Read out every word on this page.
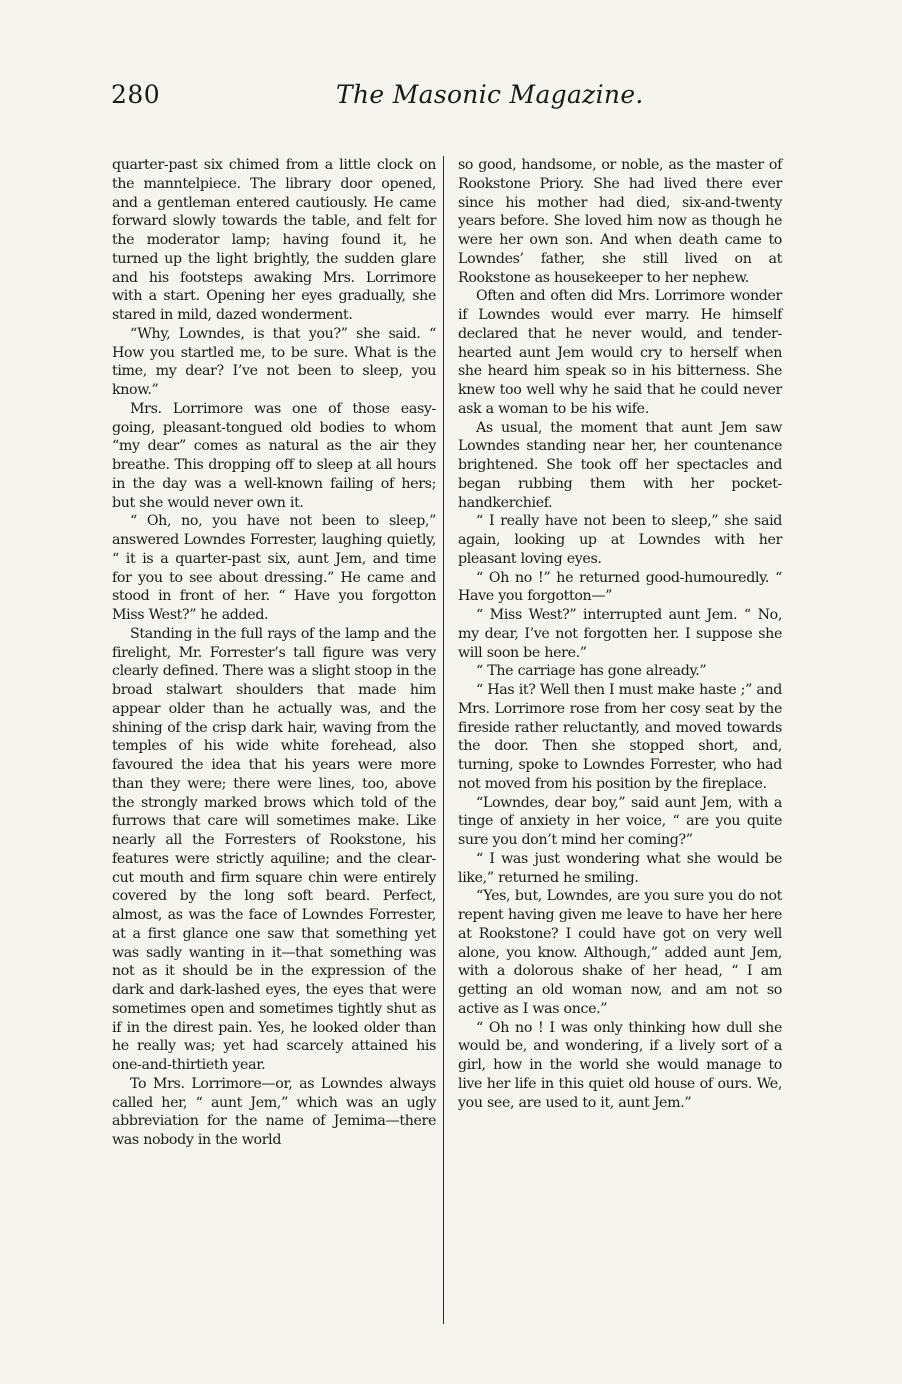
280	The Masonic Magazine.

quarter-past six chimed from a little clock on the manntelpiece. The library door opened, and a gentleman entered cautiously. He came forward slowly towards the table, and felt for the moderator lamp; having found it, he turned up the light brightly, the sudden glare and his footsteps awaking Mrs. Lorrimore with a start. Opening her eyes gradually, she stared in mild, dazed wonderment.

“Why, Lowndes, is that you?” she said. “ How you startled me, to be sure. What is the time, my dear? I’ve not been to sleep, you know.”

Mrs. Lorrimore was one of those easy-going, pleasant-tongued old bodies to whom “my dear” comes as natural as the air they breathe. This dropping off to sleep at all hours in the day was a well-known failing of hers; but she would never own it.

“ Oh, no, you have not been to sleep,” answered Lowndes Forrester, laughing quietly, “ it is a quarter-past six, aunt Jem, and time for you to see about dressing.” He came and stood in front of her. “ Have you forgotton Miss West?” he added.

Standing in the full rays of the lamp and the firelight, Mr. Forrester’s tall figure was very clearly defined. There was a slight stoop in the broad stalwart shoulders that made him appear older than he actually was, and the shining of the crisp dark hair, waving from the temples of his wide white forehead, also favoured the idea that his years were more than they were; there were lines, too, above the strongly marked brows which told of the furrows that care will sometimes make. Like nearly all the Forresters of Rookstone, his features were strictly aquiline; and the clear-cut mouth and firm square chin were entirely covered by the long soft beard. Perfect, almost, as was the face of Lowndes Forrester, at a first glance one saw that something yet was sadly wanting in it—that something was not as it should be in the expression of the dark and dark-lashed eyes, the eyes that were sometimes open and sometimes tightly shut as if in the direst pain. Yes, he looked older than he really was; yet had scarcely attained his one-and-thirtieth year.

To Mrs. Lorrimore—or, as Lowndes always called her, “ aunt Jem,” which was an ugly abbreviation for the name of Jemima—there was nobody in the world

so good, handsome, or noble, as the master of Rookstone Priory. She had lived there ever since his mother had died, six-and-twenty years before. She loved him now as though he were her own son. And when death came to Lowndes’ father, she still lived on at Rookstone as housekeeper to her nephew.

Often and often did Mrs. Lorrimore wonder if Lowndes would ever marry. He himself declared that he never would, and tender-hearted aunt Jem would cry to herself when she heard him speak so in his bitterness. She knew too well why he said that he could never ask a woman to be his wife.

As usual, the moment that aunt Jem saw Lowndes standing near her, her countenance brightened. She took off her spectacles and began rubbing them with her pocket-handkerchief.

“ I really have not been to sleep,” she said again, looking up at Lowndes with her pleasant loving eyes.

“ Oh no !” he returned good-humouredly. “ Have you forgotton—”

“ Miss West?” interrupted aunt Jem. “ No, my dear, I’ve not forgotten her. I suppose she will soon be here.”

“ The carriage has gone already.”

“ Has it? Well then I must make haste ;” and Mrs. Lorrimore rose from her cosy seat by the fireside rather reluctantly, and moved towards the door. Then she stopped short, and, turning, spoke to Lowndes Forrester, who had not moved from his position by the fireplace.

“Lowndes, dear boy,” said aunt Jem, with a tinge of anxiety in her voice, “ are you quite sure you don’t mind her coming?”

“ I was just wondering what she would be like,” returned he smiling.

“Yes, but, Lowndes, are you sure you do not repent having given me leave to have her here at Rookstone? I could have got on very well alone, you know. Although,” added aunt Jem, with a dolorous shake of her head, “ I am getting an old woman now, and am not so active as I was once.”

“ Oh no ! I was only thinking how dull she would be, and wondering, if a lively sort of a girl, how in the world she would manage to live her life in this quiet old house of ours. We, you see, are used to it, aunt Jem.”
